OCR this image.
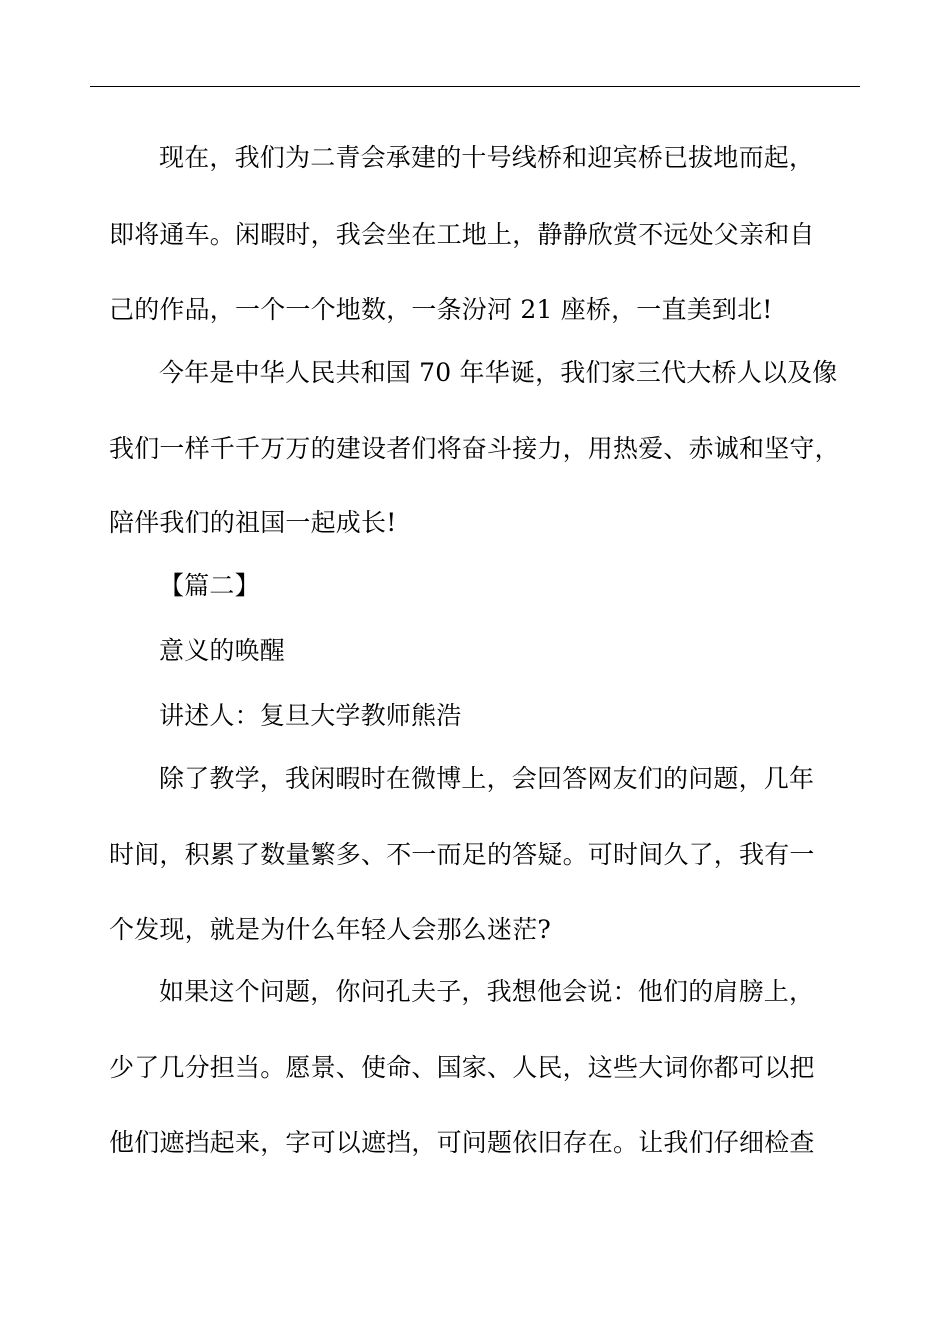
现在，我们为二青会承建的十号线桥和迎宾桥已拔地而起，
即将通车。闲暇时，我会坐在工地上，静静欣赏不远处父亲和自
己的作品，一个一个地数，一条汾河 21 座桥，一直美到北!
今年是中华人民共和国 70 年华诞，我们家三代大桥人以及像
我们一样千千万万的建设者们将奋斗接力，用热爱、赤诚和坚守，
陪伴我们的祖国一起成长!
【篇二】
意义的唤醒
讲述人：复旦大学教师熊浩
除了教学，我闲暇时在微博上，会回答网友们的问题，几年
时间，积累了数量繁多、不一而足的答疑。可时间久了，我有一
个发现，就是为什么年轻人会那么迷茫?
如果这个问题，你问孔夫子，我想他会说：他们的肩膀上，
少了几分担当。愿景、使命、国家、人民，这些大词你都可以把
他们遮挡起来，字可以遮挡，可问题依旧存在。让我们仔细检查
